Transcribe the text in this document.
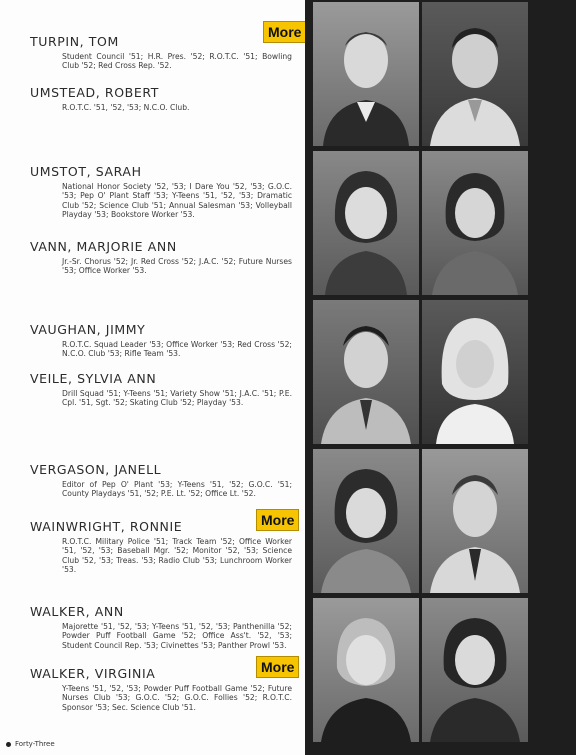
TURPIN, TOM
Student Council '51; H.R. Pres. '52; R.O.T.C. '51; Bowling Club '52; Red Cross Rep. '52.
UMSTEAD, ROBERT
R.O.T.C. '51, '52, '53; N.C.O. Club.
UMSTOT, SARAH
National Honor Society '52, '53; I Dare You '52, '53; G.O.C. '53; Pep O' Plant Staff '53; Y-Teens '51, '52, '53; Dramatic Club '52; Science Club '51; Annual Salesman '53; Volleyball Playday '53; Bookstore Worker '53.
VANN, MARJORIE ANN
Jr.-Sr. Chorus '52; Jr. Red Cross '52; J.A.C. '52; Future Nurses '53; Office Worker '53.
VAUGHAN, JIMMY
R.O.T.C. Squad Leader '53; Office Worker '53; Red Cross '52; N.C.O. Club '53; Rifle Team '53.
VEILE, SYLVIA ANN
Drill Squad '51; Y-Teens '51; Variety Show '51; J.A.C. '51; P.E. Cpl. '51, Sgt. '52; Skating Club '52; Playday '53.
VERGASON, JANELL
Editor of Pep O' Plant '53; Y-Teens '51, '52; G.O.C. '51; County Playdays '51, '52; P.E. Lt. '52; Office Lt. '52.
WAINWRIGHT, RONNIE
R.O.T.C. Military Police '51; Track Team '52; Office Worker '51, '52, '53; Baseball Mgr. '52; Monitor '52, '53; Science Club '52, '53; Treas. '53; Radio Club '53; Lunchroom Worker '53.
WALKER, ANN
Majorette '51, '52, '53; Y-Teens '51, '52, '53; Panthenilla '52; Powder Puff Football Game '52; Office Ass't. '52, '53; Student Council Rep. '53; Civinettes '53; Panther Prowl '53.
WALKER, VIRGINIA
Y-Teens '51, '52, '53; Powder Puff Football Game '52; Future Nurses Club '53; G.O.C. '52; G.O.C. Follies '52; R.O.T.C. Sponsor '53; Sec. Science Club '51.
More
More
More
Forty-Three
